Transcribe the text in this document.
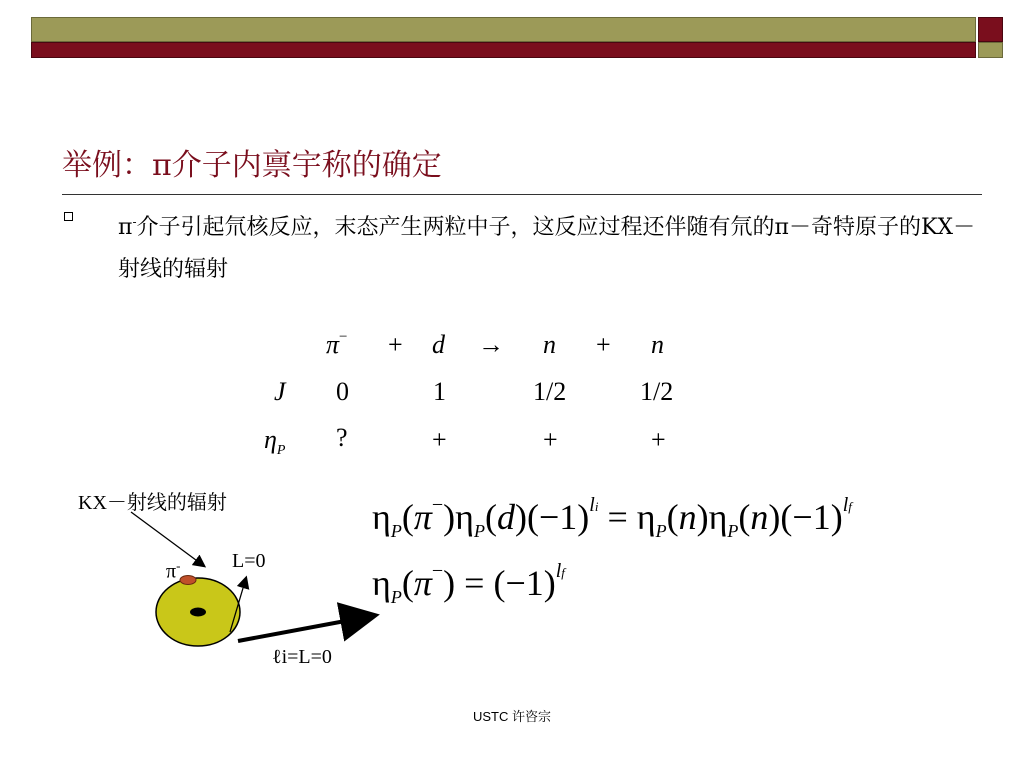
举例：π介子内禀宇称的确定
π-介子引起氘核反应，末态产生两粒中子，这反应过程还伴随有氘的π－奇特原子的KX－射线的辐射
π− + d → n + n
J 0	1	1/2	1/2
$\eta_P$ ?	+	+	+
$\eta_P(\pi^-)\eta_P(d)(-1)^{li} = \eta_P(n)\eta_P(n)(-1)^{lf}$
$\eta_P(\pi^-) = (-1)^{lf}$
KX－射线的辐射
π-	L=0
ℓi=L=0
USTC 许咨宗
